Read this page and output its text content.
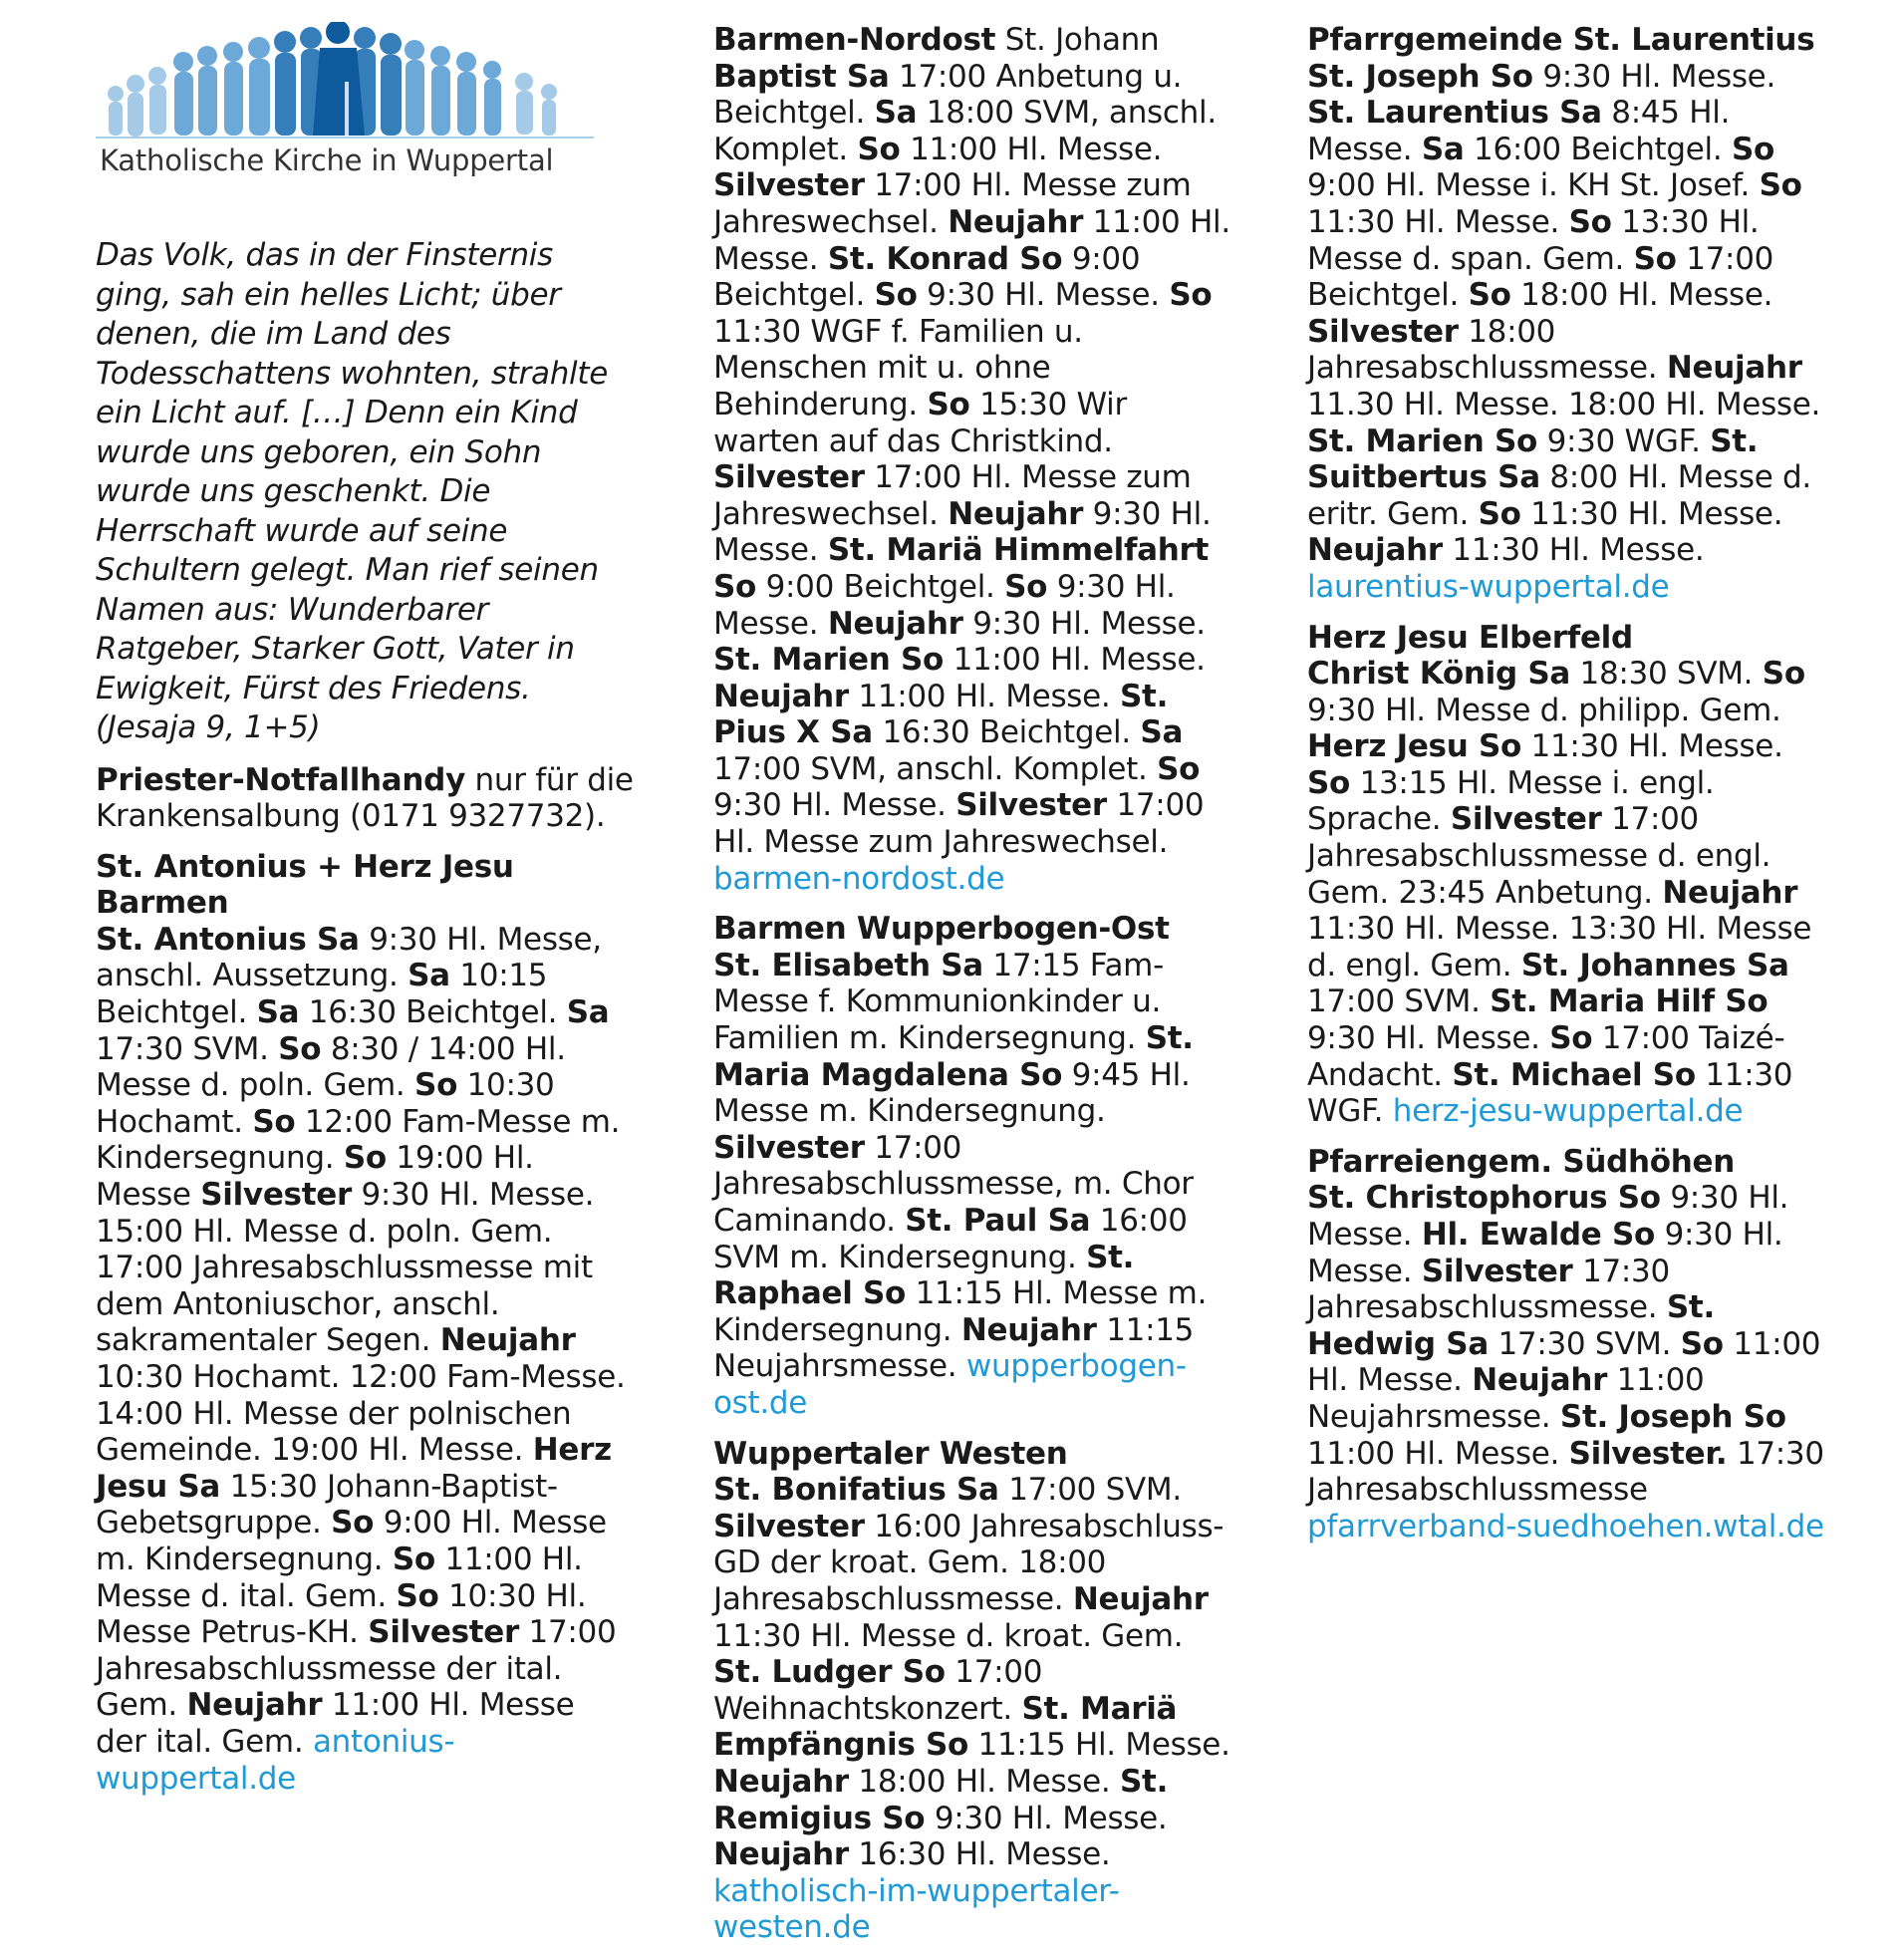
Katholische Kirche in Wuppertal
Das Volk, das in der Finsternis ging, sah ein helles Licht; über denen, die im Land des Todesschattens wohnten, strahlte ein Licht auf. […] Denn ein Kind wurde uns geboren, ein Sohn wurde uns geschenkt. Die Herrschaft wurde auf seine Schultern gelegt. Man rief seinen Namen aus: Wunderbarer Ratgeber, Starker Gott, Vater in Ewigkeit, Fürst des Friedens. (Jesaja 9, 1+5)
Priester-Notfallhandy nur für die Krankensalbung (0171 9327732).
St. Antonius + Herz Jesu Barmen
St. Antonius Sa 9:30 Hl. Messe, anschl. Aussetzung. Sa 10:15 Beichtgel. Sa 16:30 Beichtgel. Sa 17:30 SVM. So 8:30 / 14:00 Hl. Messe d. poln. Gem. So 10:30 Hochamt. So 12:00 Fam-Messe m. Kindersegnung. So 19:00 Hl. Messe Silvester 9:30 Hl. Messe. 15:00 Hl. Messe d. poln. Gem. 17:00 Jahresabschlussmesse mit dem Antoniuschor, anschl. sakramentaler Segen. Neujahr 10:30 Hochamt. 12:00 Fam-Messe. 14:00 Hl. Messe der polnischen Gemeinde. 19:00 Hl. Messe. Herz Jesu Sa 15:30 Johann-Baptist-Gebetsgruppe. So 9:00 Hl. Messe m. Kindersegnung. So 11:00 Hl. Messe d. ital. Gem. So 10:30 Hl. Messe Petrus-KH. Silvester 17:00 Jahresabschlussmesse der ital. Gem. Neujahr 11:00 Hl. Messe der ital. Gem. antonius-wuppertal.de
Barmen-Nordost St. Johann Baptist Sa 17:00 Anbetung u. Beichtgel. Sa 18:00 SVM, anschl. Komplet. So 11:00 Hl. Messe. Silvester 17:00 Hl. Messe zum Jahreswechsel. Neujahr 11:00 Hl. Messe. St. Konrad So 9:00 Beichtgel. So 9:30 Hl. Messe. So 11:30 WGF f. Familien u. Menschen mit u. ohne Behinderung. So 15:30 Wir warten auf das Christkind. Silvester 17:00 Hl. Messe zum Jahreswechsel. Neujahr 9:30 Hl. Messe. St. Mariä Himmelfahrt So 9:00 Beichtgel. So 9:30 Hl. Messe. Neujahr 9:30 Hl. Messe. St. Marien So 11:00 Hl. Messe. Neujahr 11:00 Hl. Messe. St. Pius X Sa 16:30 Beichtgel. Sa 17:00 SVM, anschl. Komplet. So 9:30 Hl. Messe. Silvester 17:00 Hl. Messe zum Jahreswechsel. barmen-nordost.de
Barmen Wupperbogen-Ost
St. Elisabeth Sa 17:15 Fam-Messe f. Kommunionkinder u. Familien m. Kindersegnung. St. Maria Magdalena So 9:45 Hl. Messe m. Kindersegnung. Silvester 17:00 Jahresabschlussmesse, m. Chor Caminando. St. Paul Sa 16:00 SVM m. Kindersegnung. St. Raphael So 11:15 Hl. Messe m. Kindersegnung. Neujahr 11:15 Neujahrsmesse. wupperbogen-ost.de
Wuppertaler Westen
St. Bonifatius Sa 17:00 SVM. Silvester 16:00 Jahresabschluss-GD der kroat. Gem. 18:00 Jahresabschlussmesse. Neujahr 11:30 Hl. Messe d. kroat. Gem. St. Ludger So 17:00 Weihnachtskonzert. St. Mariä Empfängnis So 11:15 Hl. Messe. Neujahr 18:00 Hl. Messe. St. Remigius So 9:30 Hl. Messe. Neujahr 16:30 Hl. Messe. katholisch-im-wuppertaler-westen.de
Pfarrgemeinde St. Laurentius
St. Joseph So 9:30 Hl. Messe. St. Laurentius Sa 8:45 Hl. Messe. Sa 16:00 Beichtgel. So 9:00 Hl. Messe i. KH St. Josef. So 11:30 Hl. Messe. So 13:30 Hl. Messe d. span. Gem. So 17:00 Beichtgel. So 18:00 Hl. Messe. Silvester 18:00 Jahresabschlussmesse. Neujahr 11.30 Hl. Messe. 18:00 Hl. Messe. St. Marien So 9:30 WGF. St. Suitbertus Sa 8:00 Hl. Messe d. eritr. Gem. So 11:30 Hl. Messe. Neujahr 11:30 Hl. Messe. laurentius-wuppertal.de
Herz Jesu Elberfeld
Christ König Sa 18:30 SVM. So 9:30 Hl. Messe d. philipp. Gem. Herz Jesu So 11:30 Hl. Messe. So 13:15 Hl. Messe i. engl. Sprache. Silvester 17:00 Jahresabschlussmesse d. engl. Gem. 23:45 Anbetung. Neujahr 11:30 Hl. Messe. 13:30 Hl. Messe d. engl. Gem. St. Johannes Sa 17:00 SVM. St. Maria Hilf So 9:30 Hl. Messe. So 17:00 Taizé-Andacht. St. Michael So 11:30 WGF. herz-jesu-wuppertal.de
Pfarreiengem. Südhöhen
St. Christophorus So 9:30 Hl. Messe. Hl. Ewalde So 9:30 Hl. Messe. Silvester 17:30 Jahresabschlussmesse. St. Hedwig Sa 17:30 SVM. So 11:00 Hl. Messe. Neujahr 11:00 Neujahrsmesse. St. Joseph So 11:00 Hl. Messe. Silvester. 17:30 Jahresabschlussmesse pfarrverband-suedhoehen.wtal.de
